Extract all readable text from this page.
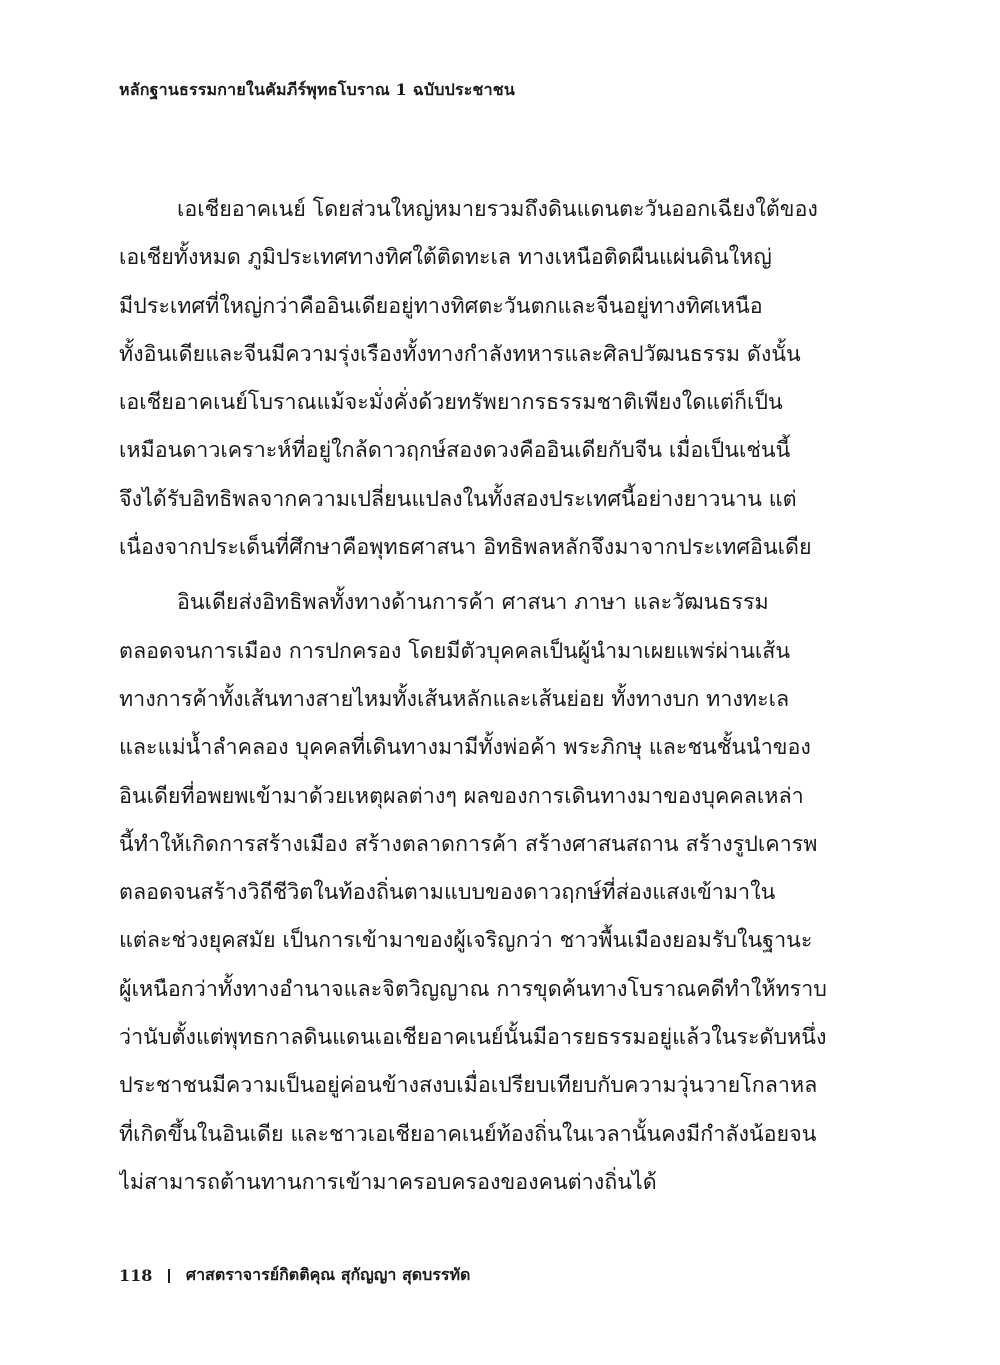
หลักฐานธรรมกายในคัมภีร์พุทธโบราณ 1 ฉบับประชาชน
เอเชียอาคเนย์ โดยส่วนใหญ่หมายรวมถึงดินแดนตะวันออกเฉียงใต้ของ
เอเชียทั้งหมด ภูมิประเทศทางทิศใต้ติดทะเล ทางเหนือติดผืนแผ่นดินใหญ่
มีประเทศที่ใหญ่กว่าคืออินเดียอยู่ทางทิศตะวันตกและจีนอยู่ทางทิศเหนือ
ทั้งอินเดียและจีนมีความรุ่งเรืองทั้งทางกำลังทหารและศิลปวัฒนธรรม ดังนั้น
เอเชียอาคเนย์โบราณแม้จะมั่งคั่งด้วยทรัพยากรธรรมชาติเพียงใดแต่ก็เป็น
เหมือนดาวเคราะห์ที่อยู่ใกล้ดาวฤกษ์สองดวงคืออินเดียกับจีน เมื่อเป็นเช่นนี้
จึงได้รับอิทธิพลจากความเปลี่ยนแปลงในทั้งสองประเทศนี้อย่างยาวนาน แต่
เนื่องจากประเด็นที่ศึกษาคือพุทธศาสนา อิทธิพลหลักจึงมาจากประเทศอินเดีย
อินเดียส่งอิทธิพลทั้งทางด้านการค้า ศาสนา ภาษา และวัฒนธรรม
ตลอดจนการเมือง การปกครอง โดยมีตัวบุคคลเป็นผู้นำมาเผยแพร่ผ่านเส้น
ทางการค้าทั้งเส้นทางสายไหมทั้งเส้นหลักและเส้นย่อย ทั้งทางบก ทางทะเล
และแม่น้ำลำคลอง บุคคลที่เดินทางมามีทั้งพ่อค้า พระภิกษุ และชนชั้นนำของ
อินเดียที่อพยพเข้ามาด้วยเหตุผลต่างๆ ผลของการเดินทางมาของบุคคลเหล่า
นี้ทำให้เกิดการสร้างเมือง สร้างตลาดการค้า สร้างศาสนสถาน สร้างรูปเคารพ
ตลอดจนสร้างวิถีชีวิตในท้องถิ่นตามแบบของดาวฤกษ์ที่ส่องแสงเข้ามาใน
แต่ละช่วงยุคสมัย เป็นการเข้ามาของผู้เจริญกว่า ชาวพื้นเมืองยอมรับในฐานะ
ผู้เหนือกว่าทั้งทางอำนาจและจิตวิญญาณ การขุดค้นทางโบราณคดีทำให้ทราบ
ว่านับตั้งแต่พุทธกาลดินแดนเอเชียอาคเนย์นั้นมีอารยธรรมอยู่แล้วในระดับหนึ่ง
ประชาชนมีความเป็นอยู่ค่อนข้างสงบเมื่อเปรียบเทียบกับความวุ่นวายโกลาหล
ที่เกิดขึ้นในอินเดีย และชาวเอเชียอาคเนย์ท้องถิ่นในเวลานั้นคงมีกำลังน้อยจน
ไม่สามารถต้านทานการเข้ามาครอบครองของคนต่างถิ่นได้
118 ศาสตราจารย์กิตติคุณ สุกัญญา สุดบรรทัด
